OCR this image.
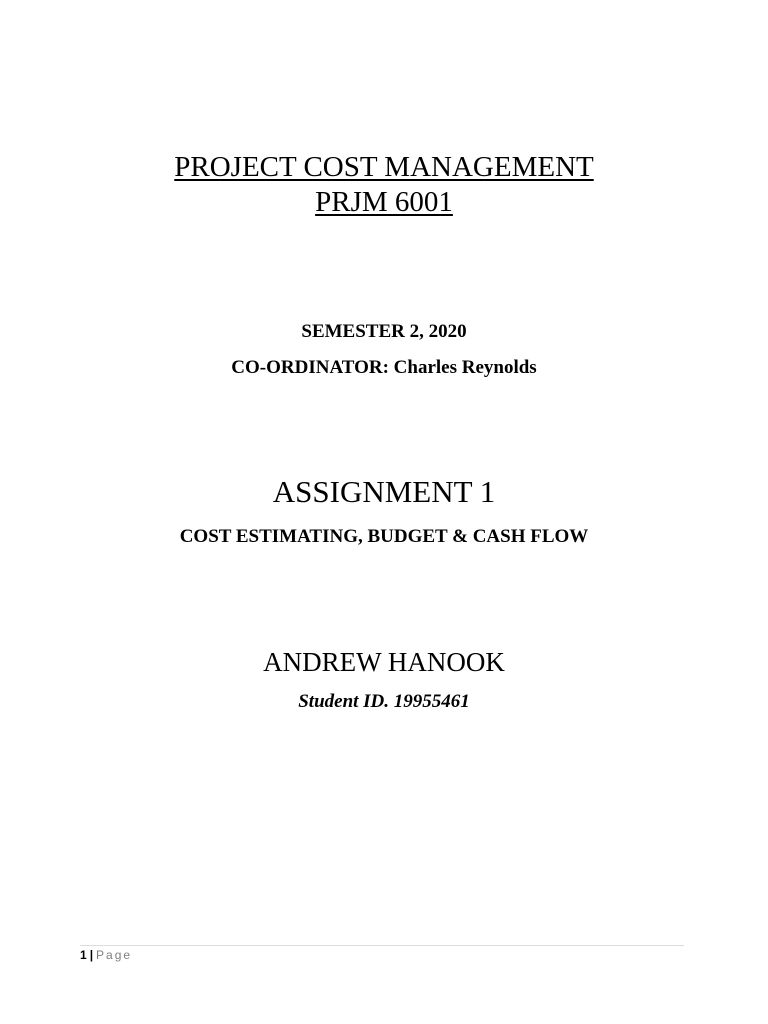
PROJECT COST MANAGEMENT
PRJM 6001
SEMESTER 2, 2020
CO-ORDINATOR: Charles Reynolds
ASSIGNMENT 1
COST ESTIMATING, BUDGET & CASH FLOW
ANDREW HANOOK
Student ID. 19955461
1 | Page
